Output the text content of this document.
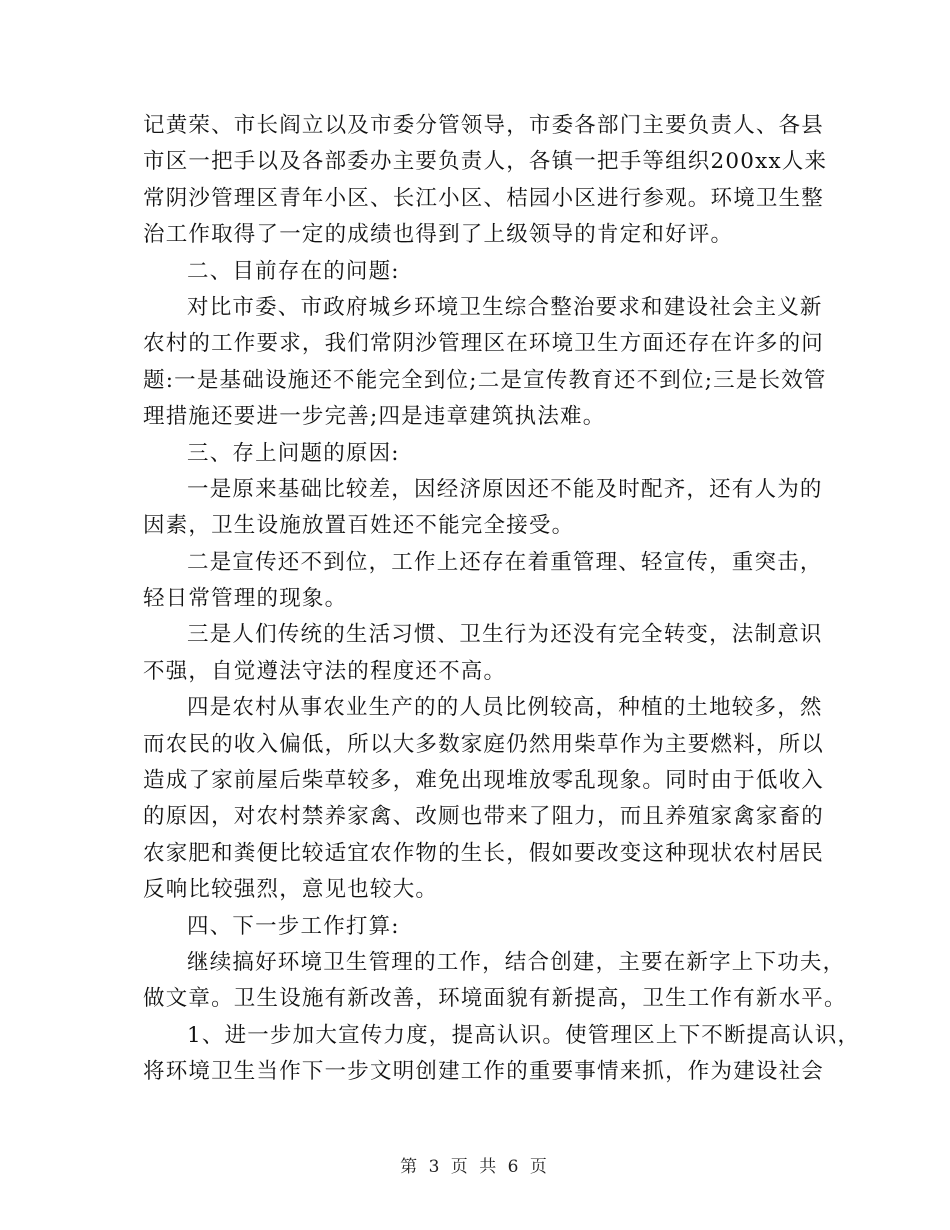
记黄荣、市长阎立以及市委分管领导，市委各部门主要负责人、各县
市区一把手以及各部委办主要负责人，各镇一把手等组织200xx人来
常阴沙管理区青年小区、长江小区、桔园小区进行参观。环境卫生整
治工作取得了一定的成绩也得到了上级领导的肯定和好评。
二、目前存在的问题:
对比市委、市政府城乡环境卫生综合整治要求和建设社会主义新
农村的工作要求，我们常阴沙管理区在环境卫生方面还存在许多的问
题:一是基础设施还不能完全到位;二是宣传教育还不到位;三是长效管
理措施还要进一步完善;四是违章建筑执法难。
三、存上问题的原因:
一是原来基础比较差，因经济原因还不能及时配齐，还有人为的
因素，卫生设施放置百姓还不能完全接受。
二是宣传还不到位，工作上还存在着重管理、轻宣传，重突击，
轻日常管理的现象。
三是人们传统的生活习惯、卫生行为还没有完全转变，法制意识
不强，自觉遵法守法的程度还不高。
四是农村从事农业生产的的人员比例较高，种植的土地较多，然
而农民的收入偏低，所以大多数家庭仍然用柴草作为主要燃料，所以
造成了家前屋后柴草较多，难免出现堆放零乱现象。同时由于低收入
的原因，对农村禁养家禽、改厕也带来了阻力，而且养殖家禽家畜的
农家肥和粪便比较适宜农作物的生长，假如要改变这种现状农村居民
反响比较强烈，意见也较大。
四、下一步工作打算:
继续搞好环境卫生管理的工作，结合创建，主要在新字上下功夫，
做文章。卫生设施有新改善，环境面貌有新提高，卫生工作有新水平。
1、进一步加大宣传力度，提高认识。使管理区上下不断提高认识，
将环境卫生当作下一步文明创建工作的重要事情来抓，作为建设社会
第 3 页 共 6 页
